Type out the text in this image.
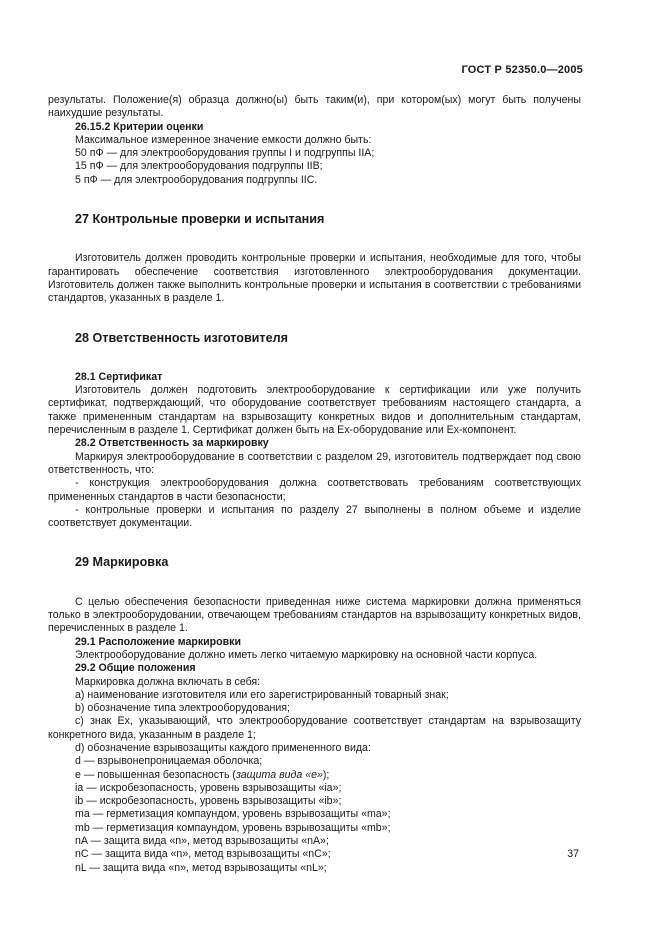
ГОСТ Р 52350.0—2005

результаты. Положение(я) образца должно(ы) быть таким(и), при котором(ых) могут быть получены наихудшие результаты.

26.15.2 Критерии оценки

Максимальное измеренное значение емкости должно быть:

50 пФ — для электрооборудования группы I и подгруппы IIA;

15 пФ — для электрооборудования подгруппы IIB;

5 пФ — для электрооборудования подгруппы IIC.

27 Контрольные проверки и испытания

Изготовитель должен проводить контрольные проверки и испытания, необходимые для того, чтобы гарантировать обеспечение соответствия изготовленного электрооборудования документации. Изготовитель должен также выполнить контрольные проверки и испытания в соответствии с требованиями стандартов, указанных в разделе 1.

28 Ответственность изготовителя

28.1 Сертификат

Изготовитель должен подготовить электрооборудование к сертификации или уже получить сертификат, подтверждающий, что оборудование соответствует требованиям настоящего стандарта, а также примененным стандартам на взрывозащиту конкретных видов и дополнительным стандартам, перечисленным в разделе 1. Сертификат должен быть на Ех-оборудование или Ех-компонент.

28.2 Ответственность за маркировку

Маркируя электрооборудование в соответствии с разделом 29, изготовитель подтверждает под свою ответственность, что:

- конструкция электрооборудования должна соответствовать требованиям соответствующих примененных стандартов в части безопасности;

- контрольные проверки и испытания по разделу 27 выполнены в полном объеме и изделие соответствует документации.

29 Маркировка

С целью обеспечения безопасности приведенная ниже система маркировки должна применяться только в электрооборудовании, отвечающем требованиям стандартов на взрывозащиту конкретных видов, перечисленных в разделе 1.

29.1 Расположение маркировки

Электрооборудование должно иметь легко читаемую маркировку на основной части корпуса.

29.2 Общие положения

Маркировка должна включать в себя:

a) наименование изготовителя или его зарегистрированный товарный знак;

b) обозначение типа электрооборудования;

c) знак Ex, указывающий, что электрооборудование соответствует стандартам на взрывозащиту конкретного вида, указанным в разделе 1;

d) обозначение взрывозащиты каждого примененного вида:

d — взрывонепроницаемая оболочка;

e — повышенная безопасность (защита вида «е»);

ia — искробезопасность, уровень взрывозащиты «ia»;

ib — искробезопасность, уровень взрывозащиты «ib»;

ma — герметизация компаундом, уровень взрывозащиты «ma»;

mb — герметизация компаундом, уровень взрывозащиты «mb»;

nA — защита вида «n», метод взрывозащиты «nA»;

nC — защита вида «n», метод взрывозащиты «nC»;

nL — защита вида «n», метод взрывозащиты «nL»;

37
